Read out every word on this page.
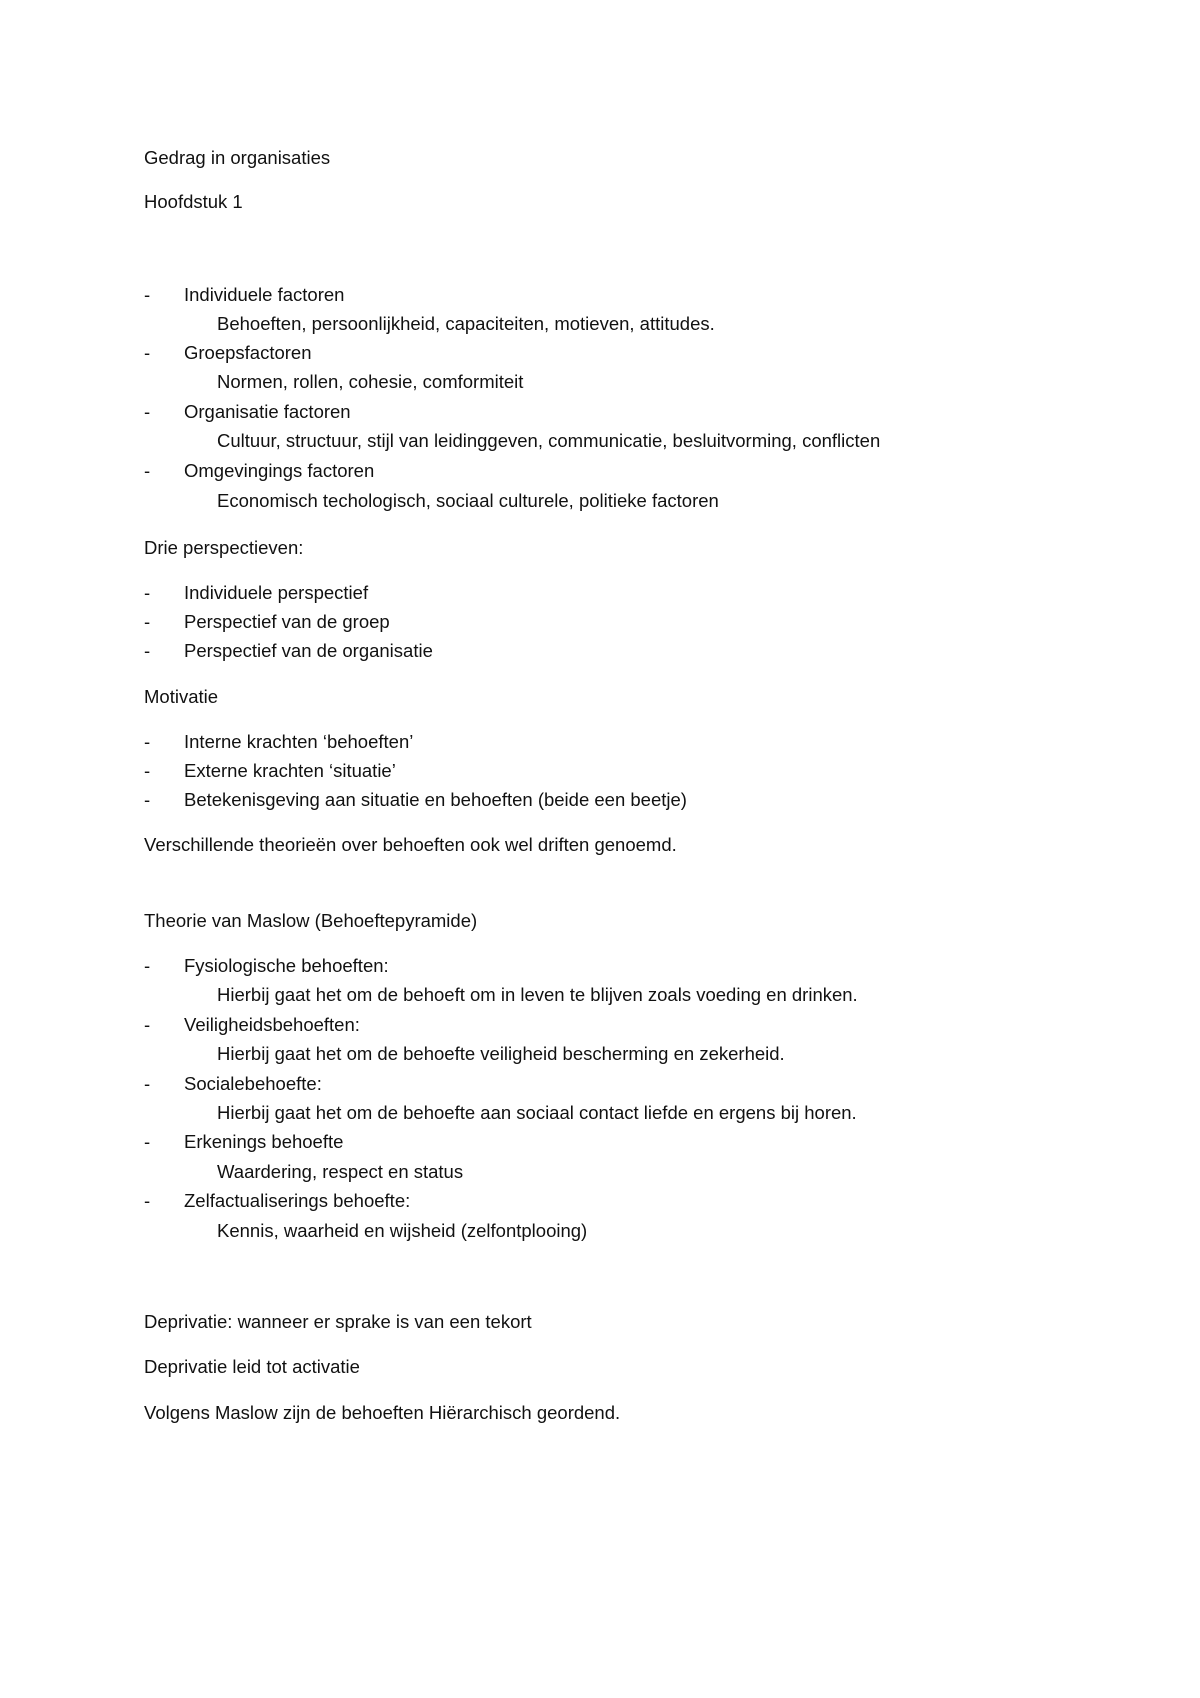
Gedrag in organisaties
Hoofdstuk 1
-	Individuele factoren
Behoeften, persoonlijkheid, capaciteiten, motieven, attitudes.
-	Groepsfactoren
Normen, rollen, cohesie, comformiteit
-	Organisatie factoren
Cultuur, structuur, stijl van leidinggeven, communicatie, besluitvorming, conflicten
-	Omgevingings factoren
Economisch techologisch, sociaal culturele, politieke factoren
Drie perspectieven:
-	Individuele perspectief
-	Perspectief van de groep
-	Perspectief van de organisatie
Motivatie
-	Interne krachten ‘behoeften’
-	Externe krachten ‘situatie’
-	Betekenisgeving aan situatie en behoeften (beide een beetje)
Verschillende theorieën over behoeften ook wel driften genoemd.
Theorie van Maslow (Behoeftepyramide)
-	Fysiologische behoeften:
Hierbij gaat het om de behoeft om in leven te blijven zoals voeding en drinken.
-	Veiligheidsbehoeften:
Hierbij gaat het om de behoefte veiligheid bescherming en zekerheid.
-	Socialebehoefte:
Hierbij gaat het om de behoefte aan sociaal contact liefde en ergens bij horen.
-	Erkenings behoefte
Waardering, respect en status
-	Zelfactualiserings behoefte:
Kennis, waarheid en wijsheid (zelfontplooing)
Deprivatie: wanneer er sprake is van een tekort
Deprivatie leid tot activatie
Volgens Maslow zijn de behoeften Hiërarchisch geordend.
